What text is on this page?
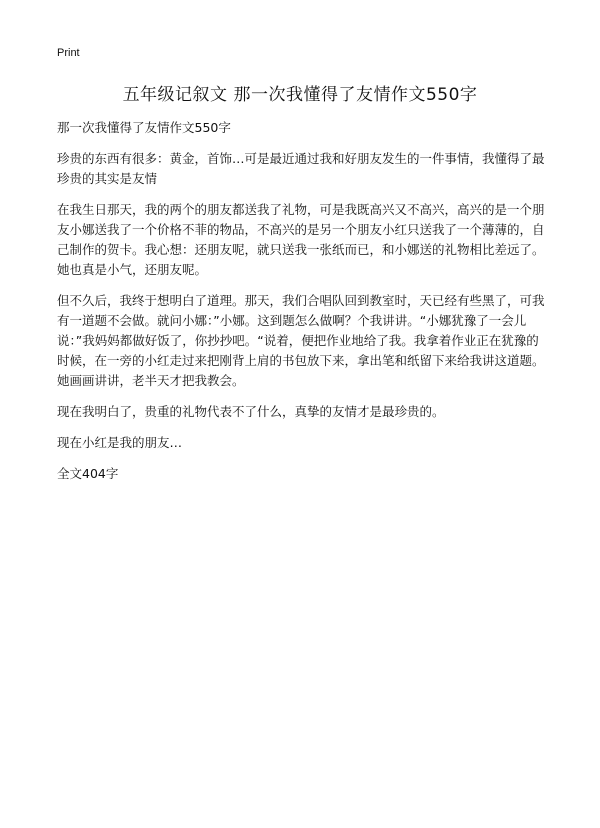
Print
五年级记叙文 那一次我懂得了友情作文550字

那一次我懂得了友情作文550字

珍贵的东西有很多：黄金，首饰…可是最近通过我和好朋友发生的一件事情，我懂得了最珍贵的其实是友情

在我生日那天，我的两个的朋友都送我了礼物，可是我既高兴又不高兴，高兴的是一个朋友小娜送我了一个价格不菲的物品，不高兴的是另一个朋友小红只送我了一个薄薄的，自己制作的贺卡。我心想：还朋友呢，就只送我一张纸而已，和小娜送的礼物相比差远了。她也真是小气，还朋友呢。

但不久后，我终于想明白了道理。那天，我们合唱队回到教室时，天已经有些黑了，可我有一道题不会做。就问小娜：”小娜。这到题怎么做啊？个我讲讲。“小娜犹豫了一会儿说：”我妈妈都做好饭了，你抄抄吧。“说着，便把作业地给了我。我拿着作业正在犹豫的时候，在一旁的小红走过来把刚背上肩的书包放下来，拿出笔和纸留下来给我讲这道题。她画画讲讲，老半天才把我教会。

现在我明白了，贵重的礼物代表不了什么，真挚的友情才是最珍贵的。

现在小红是我的朋友…

全文404字
